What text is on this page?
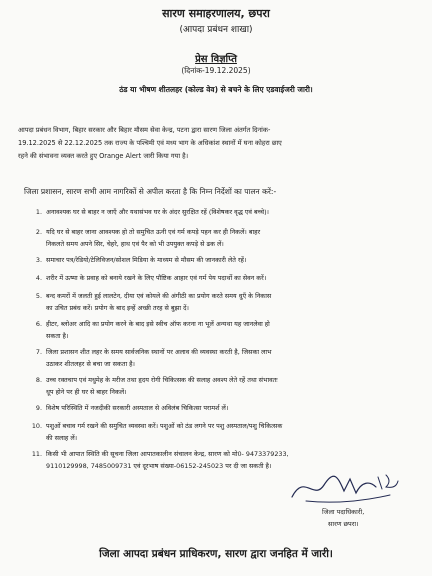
सारण समाहरणालय, छपरा
(आपदा प्रबंधन शाखा)
प्रेस विज्ञप्ति
(दिनांक-19.12.2025)
ठंड या भीषण शीतलहर (कोल्ड वेव) से बचने के लिए एडवाईजरी जारी।
आपदा प्रबंधन विभाग, बिहार सरकार और बिहार मौसम सेवा केन्द्र, पटना द्वारा सारण जिला अंतर्गत दिनांक-
19.12.2025 से 22.12.2025 तक राज्य के पश्चिमी एवं मध्य भाग के अधिकांश स्थानों में घना कोहरा छाए
रहने की संभावना व्यक्त करते हुए Orange Alert जारी किया गया है।
जिला प्रशासन, सारण सभी आम नागरिकों से अपील करता है कि निम्न निर्देशों का पालन करें:-
1. अनावश्यक घर से बाहर न जाएँ और यथासंभव घर के अंदर सुरक्षित रहें (विशेषकर वृद्ध एवं बच्चे)।
2. यदि घर से बाहर जाना आवश्यक हो तो समुचित ऊनी एवं गर्म कपड़े पहन कर ही निकलें। बाहर
निकलते समय अपने सिर, चेहरे, हाथ एवं पैर को भी उपयुक्त कपड़े से ढक लें।
3. समाचार पत्र/रेडियो/टेलिविजन/सोशल मिडिया के माध्यम से मौसम की जानकारी लेते रहें।
4. शरीर में ऊष्मा के प्रवाह को बनाये रखने के लिए पौष्टिक आहार एवं गर्म पेय पदार्थो का सेवन करें।
5. बन्द कमरों में जलती हुई लालटेन, दीया एवं कोयले की अंगीठी का प्रयोग करते समय धुएँ के निकास
का उचित प्रबंध करें। प्रयोग के बाद इन्हें अच्छी तरह से बुझा दें।
6. हीटर, ब्लोअर आदि का प्रयोग करने के बाद इसे स्वीच ऑफ करना ना भूलें अन्यथा यह जानलेवा हो
सकता है।
7. जिला प्रशासन शीत लहर के समय सार्वजनिक स्थानों पर अलाव की व्यवस्था करती है, जिसका लाभ
उठाकर शीतलहर से बचा जा सकता है।
8. उच्च रक्तचाप एवं मधुमेह के मरीज तथा हृदय रोगी चिकित्सक की सलाह अवश्य लेते रहें तथा संभावतः
धूप होने पर ही घर से बाहर निकलें।
9. विशेष परिस्थिति में नजदीकी सरकारी अस्पताल से अविलंब चिकित्सा परामर्श लें।
10. पशुओं बचाव गर्म रखने की समुचित व्यवस्था करें। पशुओं को ठंड लगने पर पशु अस्पताल/पशु चिकित्सक
की सलाह लें।
11. किसी भी आपात स्थिति की सूचना जिला आपातकालीन संचालन केन्द्र, सारण को मो0- 9473379233,
9110129998, 7485009731 एवं दूरभाष संख्या-06152-245023 पर दी जा सकती है।
जिला पदाधिकारी,
सारण छपरा।
जिला आपदा प्रबंधन प्राधिकरण, सारण द्वारा जनहित में जारी।
